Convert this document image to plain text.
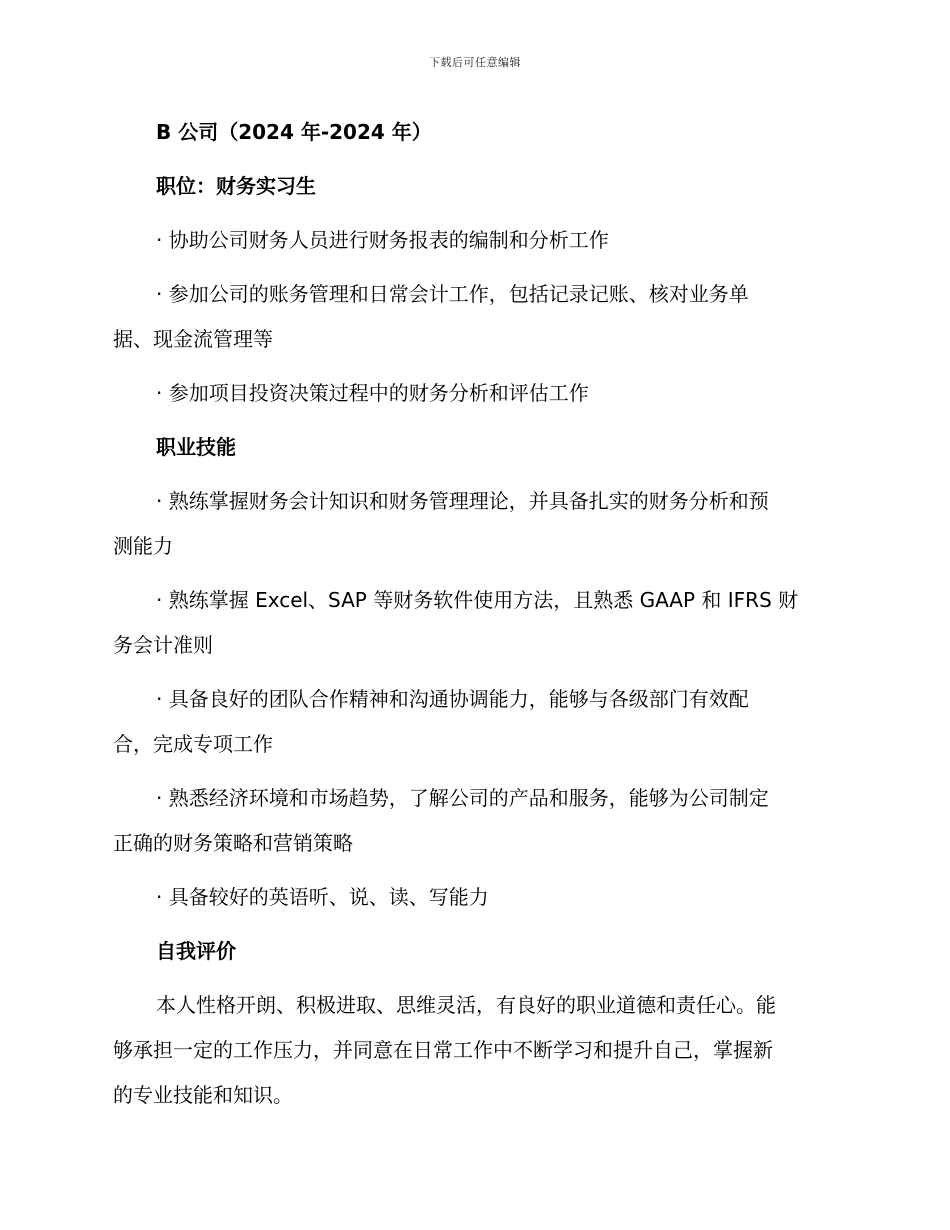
下载后可任意编辑

B 公司（2024 年-2024 年）

职位：财务实习生

· 协助公司财务人员进行财务报表的编制和分析工作

· 参加公司的账务管理和日常会计工作，包括记录记账、核对业务单

据、现金流管理等

· 参加项目投资决策过程中的财务分析和评估工作

职业技能

· 熟练掌握财务会计知识和财务管理理论，并具备扎实的财务分析和预

测能力

· 熟练掌握 Excel、SAP 等财务软件使用方法，且熟悉 GAAP 和 IFRS 财

务会计准则

· 具备良好的团队合作精神和沟通协调能力，能够与各级部门有效配

合，完成专项工作

· 熟悉经济环境和市场趋势，了解公司的产品和服务，能够为公司制定

正确的财务策略和营销策略

· 具备较好的英语听、说、读、写能力

自我评价

本人性格开朗、积极进取、思维灵活，有良好的职业道德和责任心。能

够承担一定的工作压力，并同意在日常工作中不断学习和提升自己，掌握新

的专业技能和知识。
